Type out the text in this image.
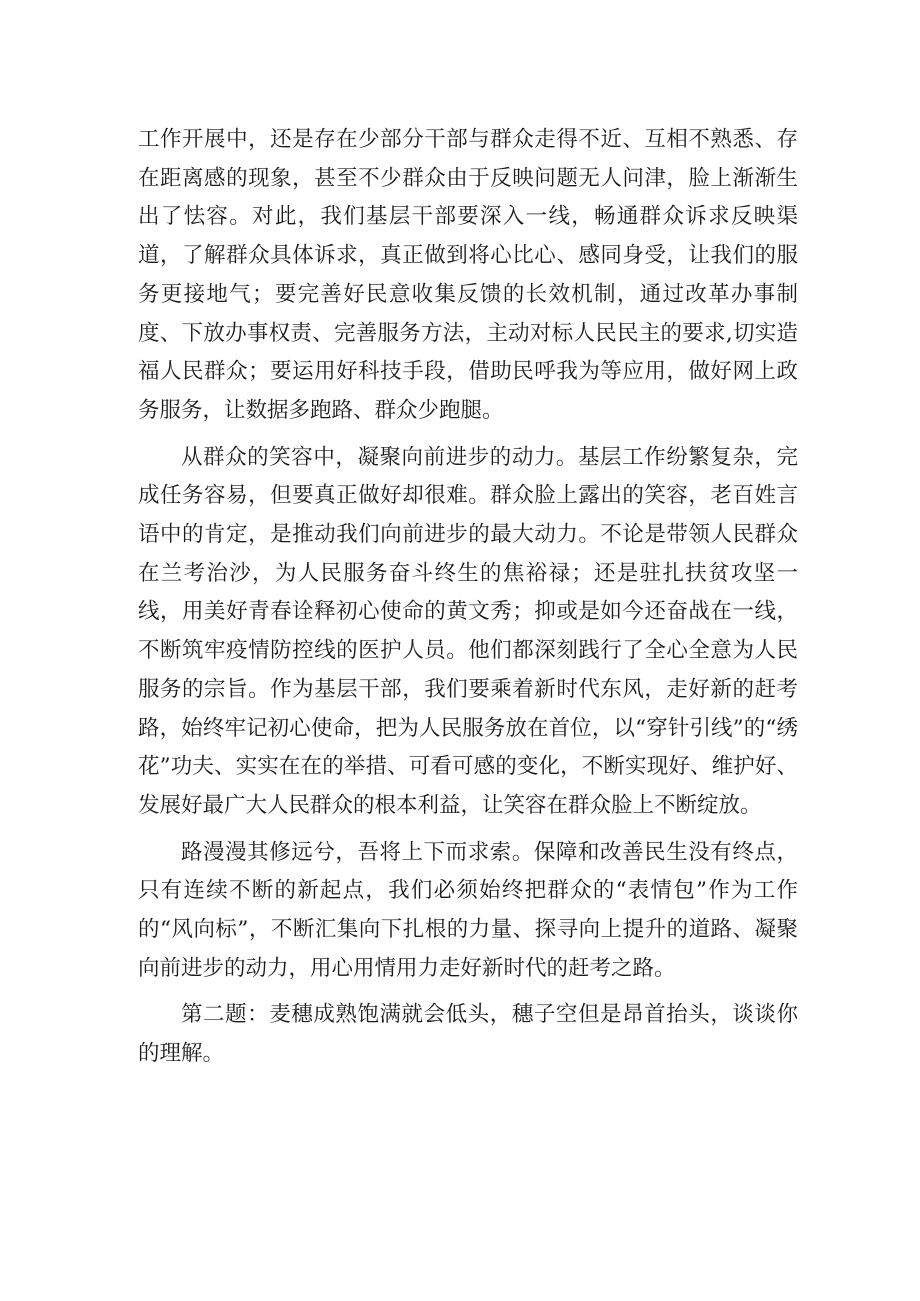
工作开展中，还是存在少部分干部与群众走得不近、互相不熟悉、存在距离感的现象，甚至不少群众由于反映问题无人问津，脸上渐渐生出了怯容。对此，我们基层干部要深入一线，畅通群众诉求反映渠道，了解群众具体诉求，真正做到将心比心、感同身受，让我们的服务更接地气；要完善好民意收集反馈的长效机制，通过改革办事制度、下放办事权责、完善服务方法，主动对标人民民主的要求,切实造福人民群众；要运用好科技手段，借助民呼我为等应用，做好网上政务服务，让数据多跑路、群众少跑腿。

从群众的笑容中，凝聚向前进步的动力。基层工作纷繁复杂，完成任务容易，但要真正做好却很难。群众脸上露出的笑容，老百姓言语中的肯定，是推动我们向前进步的最大动力。不论是带领人民群众在兰考治沙，为人民服务奋斗终生的焦裕禄；还是驻扎扶贫攻坚一线，用美好青春诠释初心使命的黄文秀；抑或是如今还奋战在一线，不断筑牢疫情防控线的医护人员。他们都深刻践行了全心全意为人民服务的宗旨。作为基层干部，我们要乘着新时代东风，走好新的赶考路，始终牢记初心使命，把为人民服务放在首位，以“穿针引线”的“绣花”功夫、实实在在的举措、可看可感的变化，不断实现好、维护好、发展好最广大人民群众的根本利益，让笑容在群众脸上不断绽放。

路漫漫其修远兮，吾将上下而求索。保障和改善民生没有终点，只有连续不断的新起点，我们必须始终把群众的“表情包”作为工作的“风向标”，不断汇集向下扎根的力量、探寻向上提升的道路、凝聚向前进步的动力，用心用情用力走好新时代的赶考之路。

第二题：麦穗成熟饱满就会低头，穗子空但是昂首抬头，谈谈你的理解。
